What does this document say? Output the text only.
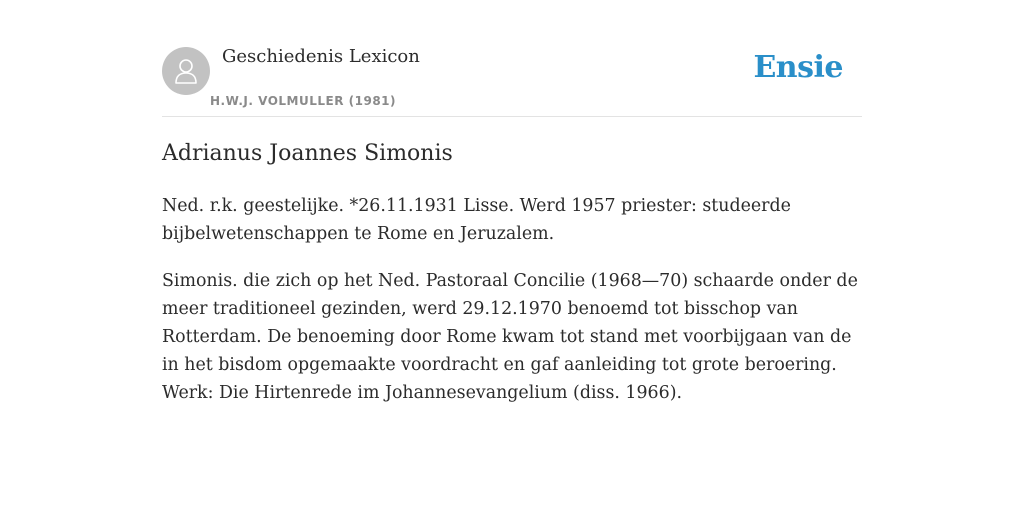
Geschiedenis Lexicon
H.W.J. VOLMULLER (1981)
Ensie
Adrianus Joannes Simonis

Ned. r.k. geestelijke. *26.11.1931 Lisse. Werd 1957 priester: studeerde bijbelwetenschappen te Rome en Jeruzalem.

Simonis. die zich op het Ned. Pastoraal Concilie (1968—70) schaarde onder de meer traditioneel gezinden, werd 29.12.1970 benoemd tot bisschop van Rotterdam. De benoeming door Rome kwam tot stand met voorbijgaan van de in het bisdom opgemaakte voordracht en gaf aanleiding tot grote beroering. Werk: Die Hirtenrede im Johannesevangelium (diss. 1966).
